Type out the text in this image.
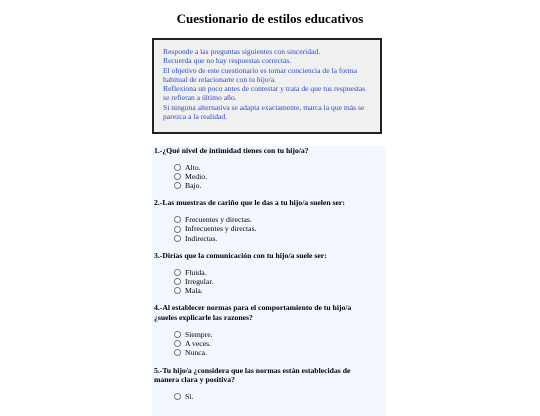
Cuestionario de estilos educativos
Responde a las preguntas siguientes con sinceridad.
Recuerda que no hay respuestas correctas.
El objetivo de este cuestionario es tomar conciencia de la forma
habitual de relacionarte con tu hijo/a.
Reflexiona un poco antes de contestar y trata de que tus respuestas
se refieran a último año.
Si ninguna alternativa se adapta exactamente, marca la que más se
parezca a la realidad.

1.-¿Qué nivel de intimidad tienes con tu hijo/a?

Alto.
Medio.
Bajo.

2.-Las muestras de cariño que le das a tu hijo/a suelen ser:

Frecuentes y directas.
Infrecuentes y directas.
Indirectas.

3.-Dirías que la comunicación con tu hijo/a suele ser:

Fluida.
Irregular.
Mala.
4.-Al establecer normas para el comportamiento de tu hijo/a
¿sueles explicarle las razones?
Siempre.
A veces.
Nunca.
5.-Tu hijo/a ¿considera que las normas están establecidas de
manera clara y positiva?
Sí.
